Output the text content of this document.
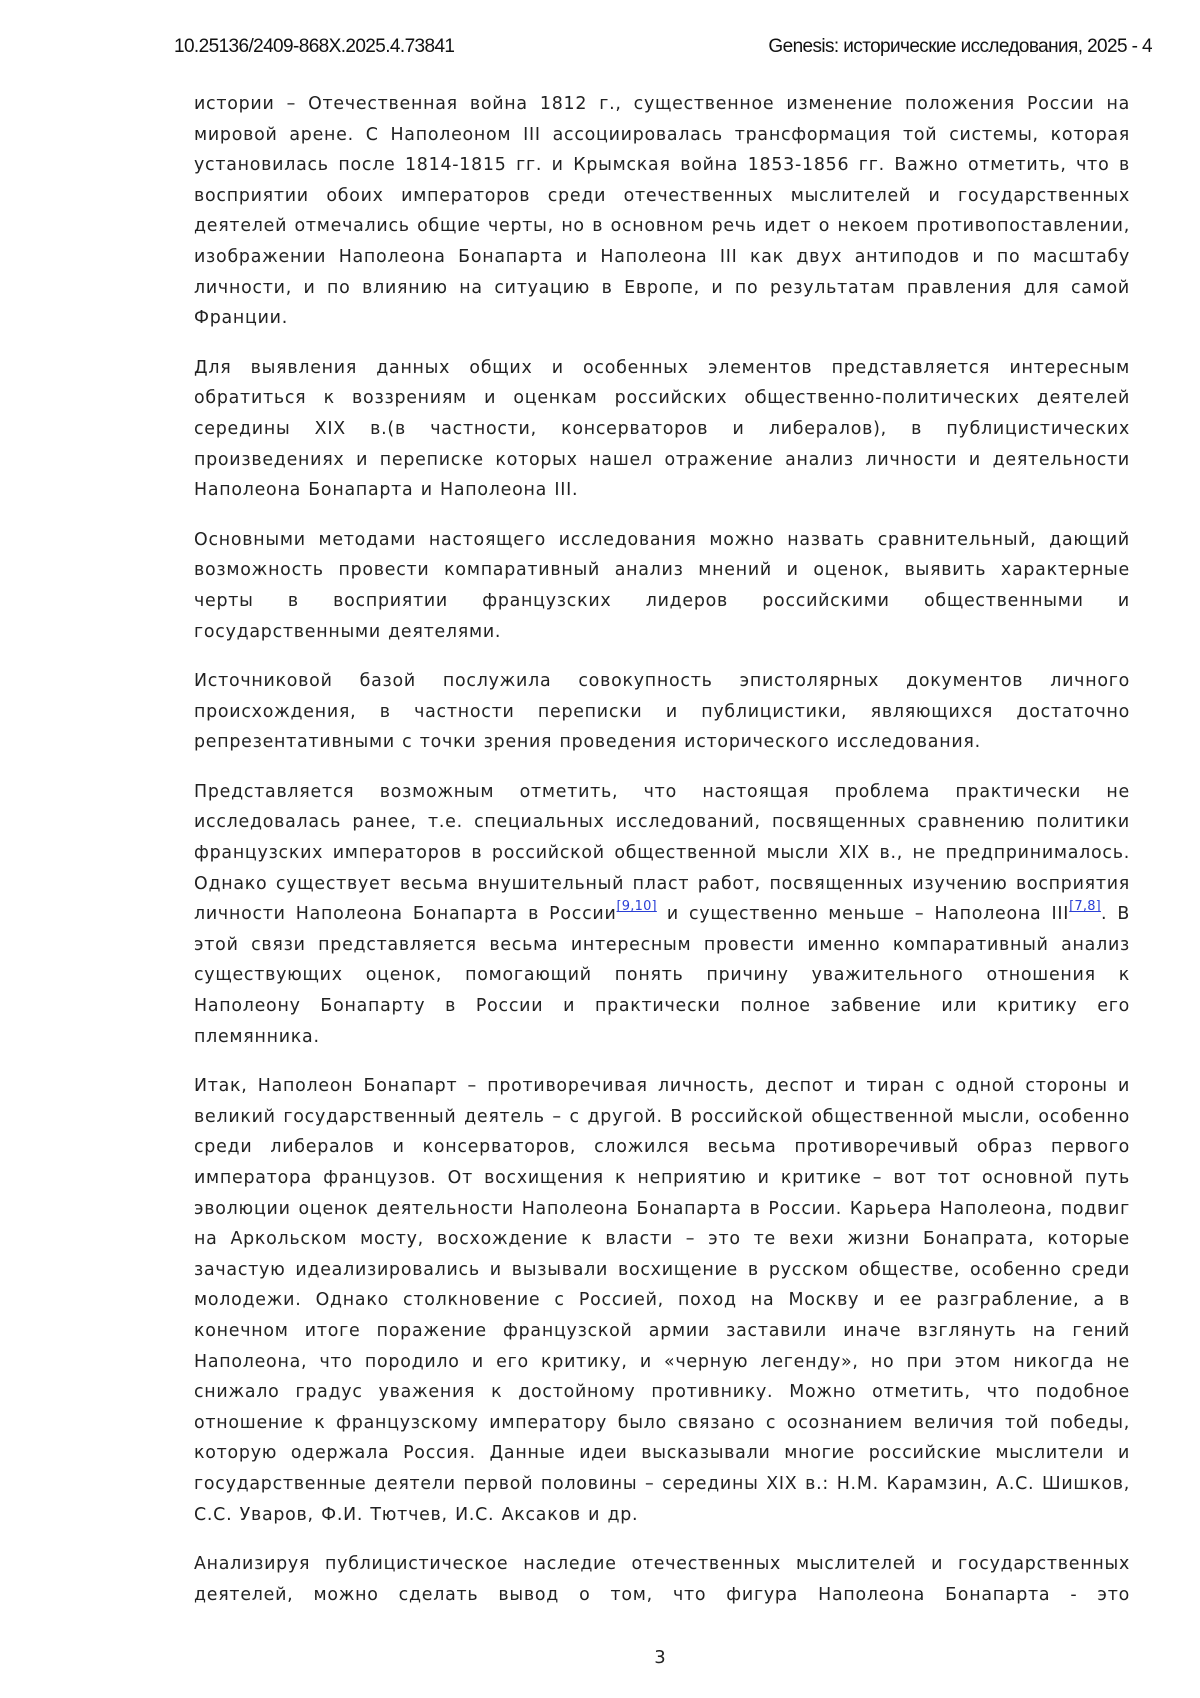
10.25136/2409-868X.2025.4.73841	Genesis: исторические исследования, 2025 - 4

истории – Отечественная война 1812 г., существенное изменение положения России на мировой арене. С Наполеоном III ассоциировалась трансформация той системы, которая установилась после 1814-1815 гг. и Крымская война 1853-1856 гг. Важно отметить, что в восприятии обоих императоров среди отечественных мыслителей и государственных деятелей отмечались общие черты, но в основном речь идет о некоем противопоставлении, изображении Наполеона Бонапарта и Наполеона III как двух антиподов и по масштабу личности, и по влиянию на ситуацию в Европе, и по результатам правления для самой Франции.

Для выявления данных общих и особенных элементов представляется интересным обратиться к воззрениям и оценкам российских общественно-политических деятелей середины XIX в.(в частности, консерваторов и либералов), в публицистических произведениях и переписке которых нашел отражение анализ личности и деятельности Наполеона Бонапарта и Наполеона III.

Основными методами настоящего исследования можно назвать сравнительный, дающий возможность провести компаративный анализ мнений и оценок, выявить характерные черты в восприятии французских лидеров российскими общественными и государственными деятелями.

Источниковой базой послужила совокупность эпистолярных документов личного происхождения, в частности переписки и публицистики, являющихся достаточно репрезентативными с точки зрения проведения исторического исследования.

Представляется возможным отметить, что настоящая проблема практически не исследовалась ранее, т.е. специальных исследований, посвященных сравнению политики французских императоров в российской общественной мысли XIX в., не предпринималось. Однако существует весьма внушительный пласт работ, посвященных изучению восприятия личности Наполеона Бонапарта в России[9,10] и существенно меньше – Наполеона III[7,8]. В этой связи представляется весьма интересным провести именно компаративный анализ существующих оценок, помогающий понять причину уважительного отношения к Наполеону Бонапарту в России и практически полное забвение или критику его племянника.

Итак, Наполеон Бонапарт – противоречивая личность, деспот и тиран с одной стороны и великий государственный деятель – с другой. В российской общественной мысли, особенно среди либералов и консерваторов, сложился весьма противоречивый образ первого императора французов. От восхищения к неприятию и критике – вот тот основной путь эволюции оценок деятельности Наполеона Бонапарта в России. Карьера Наполеона, подвиг на Аркольском мосту, восхождение к власти – это те вехи жизни Бонапрата, которые зачастую идеализировались и вызывали восхищение в русском обществе, особенно среди молодежи. Однако столкновение с Россией, поход на Москву и ее разграбление, а в конечном итоге поражение французской армии заставили иначе взглянуть на гений Наполеона, что породило и его критику, и «черную легенду», но при этом никогда не снижало градус уважения к достойному противнику. Можно отметить, что подобное отношение к французскому императору было связано с осознанием величия той победы, которую одержала Россия. Данные идеи высказывали многие российские мыслители и государственные деятели первой половины – середины XIX в.: Н.М. Карамзин, А.С. Шишков, С.С. Уваров, Ф.И. Тютчев, И.С. Аксаков и др.

Анализируя публицистическое наследие отечественных мыслителей и государственных деятелей, можно сделать вывод о том, что фигура Наполеона Бонапарта - это

3
